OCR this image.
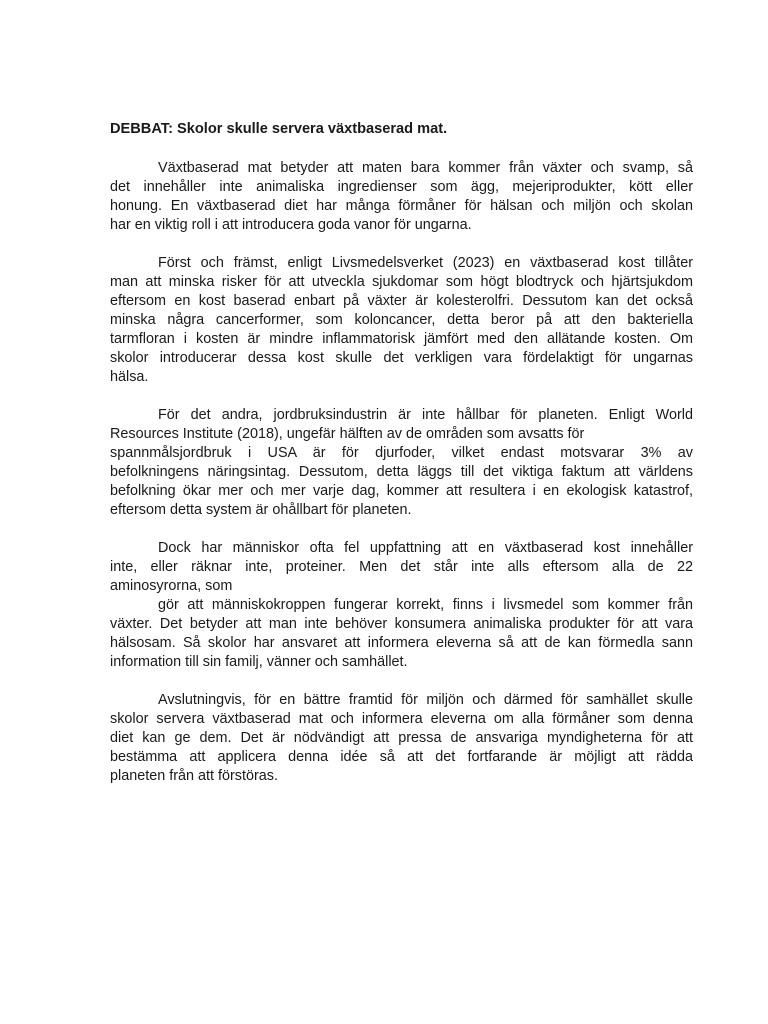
DEBBAT: Skolor skulle servera växtbaserad mat.
Växtbaserad mat betyder att maten bara kommer från växter och svamp, så
det innehåller inte animaliska ingredienser som ägg, mejeriprodukter, kött eller
honung. En växtbaserad diet har många förmåner för hälsan och miljön och skolan
har en viktig roll i att introducera goda vanor för ungarna.
Först och främst, enligt Livsmedelsverket (2023) en växtbaserad kost tillåter
man att minska risker för att utveckla sjukdomar som högt blodtryck och hjärtsjukdom
eftersom en kost baserad enbart på växter är kolesterolfri. Dessutom kan det också
minska några cancerformer, som koloncancer, detta beror på att den bakteriella
tarmfloran i kosten är mindre inflammatorisk jämfört med den allätande kosten. Om
skolor introducerar dessa kost skulle det verkligen vara fördelaktigt för ungarnas
hälsa.
För det andra, jordbruksindustrin är inte hållbar för planeten. Enligt World
Resources Institute (2018), ungefär hälften av de områden som avsatts för
spannmålsjordbruk i USA är för djurfoder, vilket endast motsvarar 3% av
befolkningens näringsintag. Dessutom, detta läggs till det viktiga faktum att världens
befolkning ökar mer och mer varje dag, kommer att resultera i en ekologisk katastrof,
eftersom detta system är ohållbart för planeten.
Dock har människor ofta fel uppfattning att en växtbaserad kost innehåller
inte, eller räknar inte, proteiner. Men det står inte alls eftersom alla de 22
aminosyrorna, som
gör att människokroppen fungerar korrekt, finns i livsmedel som kommer från
växter. Det betyder att man inte behöver konsumera animaliska produkter för att vara
hälsosam. Så skolor har ansvaret att informera eleverna så att de kan förmedla sann
information till sin familj, vänner och samhället.
Avslutningvis, för en bättre framtid för miljön och därmed för samhället skulle
skolor servera växtbaserad mat och informera eleverna om alla förmåner som denna
diet kan ge dem. Det är nödvändigt att pressa de ansvariga myndigheterna för att
bestämma att applicera denna idée så att det fortfarande är möjligt att rädda
planeten från att förstöras.
